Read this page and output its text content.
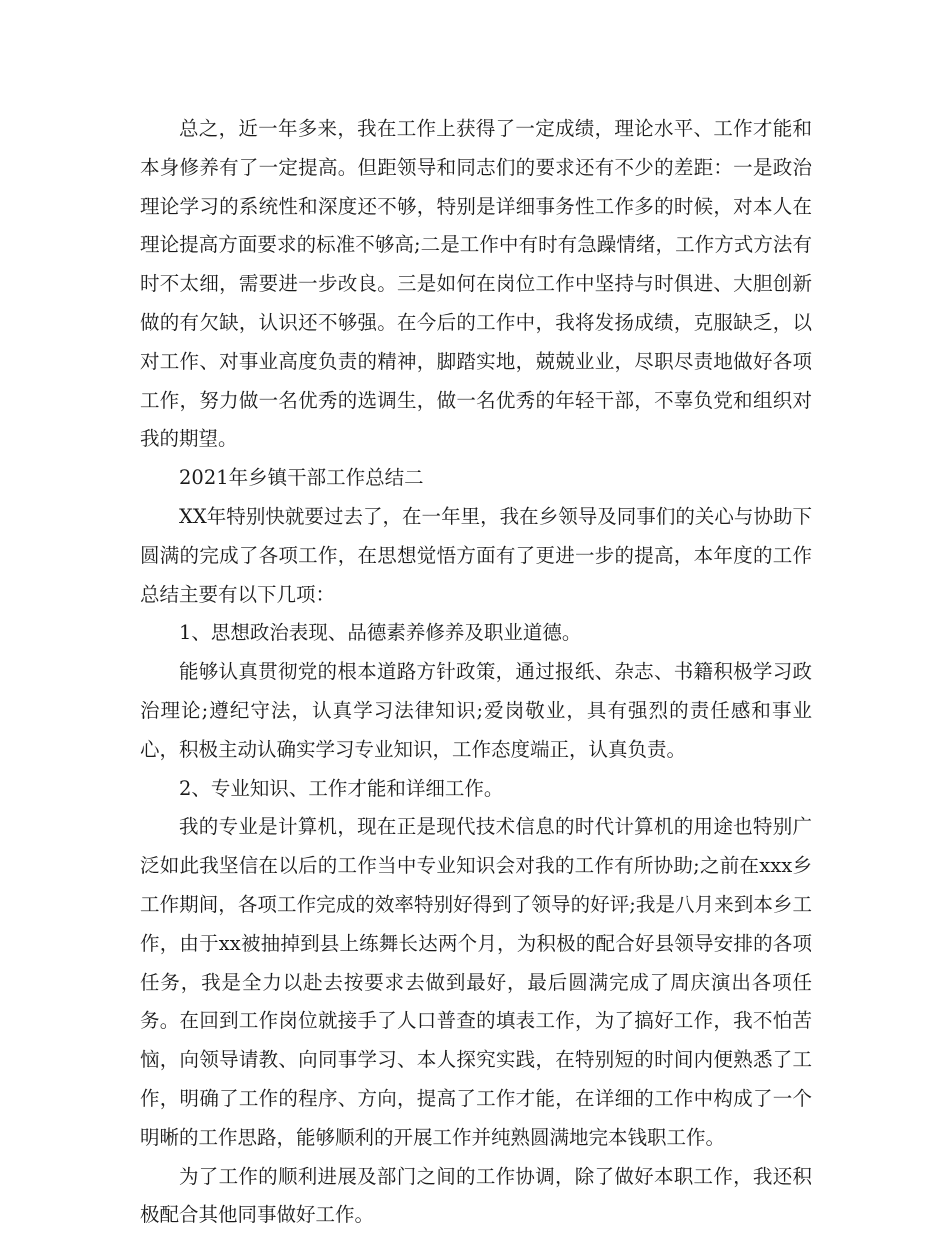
总之，近一年多来，我在工作上获得了一定成绩，理论水平、工作才能和本身修养有了一定提高。但距领导和同志们的要求还有不少的差距：一是政治理论学习的系统性和深度还不够，特别是详细事务性工作多的时候，对本人在理论提高方面要求的标准不够高;二是工作中有时有急躁情绪，工作方式方法有时不太细，需要进一步改良。三是如何在岗位工作中坚持与时俱进、大胆创新做的有欠缺，认识还不够强。在今后的工作中，我将发扬成绩，克服缺乏，以对工作、对事业高度负责的精神，脚踏实地，兢兢业业，尽职尽责地做好各项工作，努力做一名优秀的选调生，做一名优秀的年轻干部，不辜负党和组织对我的期望。

2021年乡镇干部工作总结二

XX年特别快就要过去了，在一年里，我在乡领导及同事们的关心与协助下圆满的完成了各项工作，在思想觉悟方面有了更进一步的提高，本年度的工作总结主要有以下几项：

1、思想政治表现、品德素养修养及职业道德。

能够认真贯彻党的根本道路方针政策，通过报纸、杂志、书籍积极学习政治理论;遵纪守法，认真学习法律知识;爱岗敬业，具有强烈的责任感和事业心，积极主动认确实学习专业知识，工作态度端正，认真负责。

2、专业知识、工作才能和详细工作。

我的专业是计算机，现在正是现代技术信息的时代计算机的用途也特别广泛如此我坚信在以后的工作当中专业知识会对我的工作有所协助;之前在xxx乡工作期间，各项工作完成的效率特别好得到了领导的好评;我是八月来到本乡工作，由于xx被抽掉到县上练舞长达两个月，为积极的配合好县领导安排的各项任务，我是全力以赴去按要求去做到最好，最后圆满完成了周庆演出各项任务。在回到工作岗位就接手了人口普查的填表工作，为了搞好工作，我不怕苦恼，向领导请教、向同事学习、本人探究实践，在特别短的时间内便熟悉了工作，明确了工作的程序、方向，提高了工作才能，在详细的工作中构成了一个明晰的工作思路，能够顺利的开展工作并纯熟圆满地完本钱职工作。

为了工作的顺利进展及部门之间的工作协调，除了做好本职工作，我还积极配合其他同事做好工作。
